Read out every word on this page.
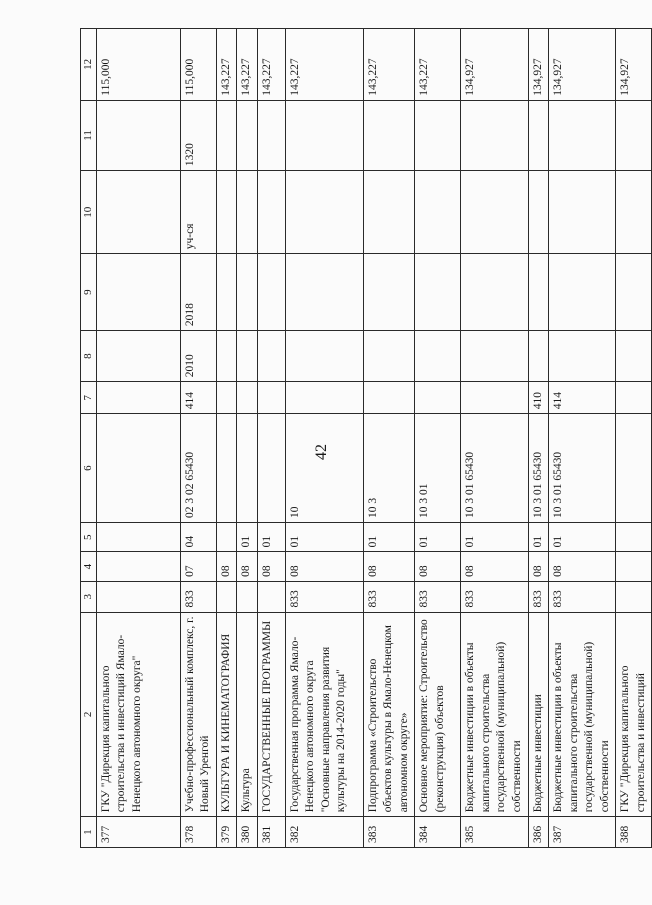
42
1	2	3	4	5	6	7	8	9	10	11	12
377	ГКУ "Дирекция капитального строительства и инвестиций Ямало-Ненецкого автономного округа"										115,000
378	Учебно-профессиональный комплекс, г. Новый Уренгой	833	07	04	02 3 02 65430	414	2010	2018	уч-ся	1320	115,000
379	КУЛЬТУРА И КИНЕМАТОГРАФИЯ		08								143,227
380	Культура		08	01							143,227
381	ГОСУДАРСТВЕННЫЕ ПРОГРАММЫ		08	01							143,227
382	Государственная программа Ямало-Ненецкого автономного округа "Основные направления развития культуры на 2014-2020 годы"	833	08	01	10						143,227
383	Подпрограмма «Строительство объектов культуры в Ямало-Ненецком автономном округе»	833	08	01	10 3						143,227
384	Основное мероприятие: Строительство (реконструкция) объектов	833	08	01	10 3 01						143,227
385	Бюджетные инвестиции в объекты капитального строительства государственной (муниципальной) собственности	833	08	01	10 3 01 65430						134,927
386	Бюджетные инвестиции	833	08	01	10 3 01 65430	410					134,927
387	Бюджетные инвестиции в объекты капитального строительства государственной (муниципальной) собственности	833	08	01	10 3 01 65430	414					134,927
388	ГКУ "Дирекция капитального строительства и инвестиций										134,927
